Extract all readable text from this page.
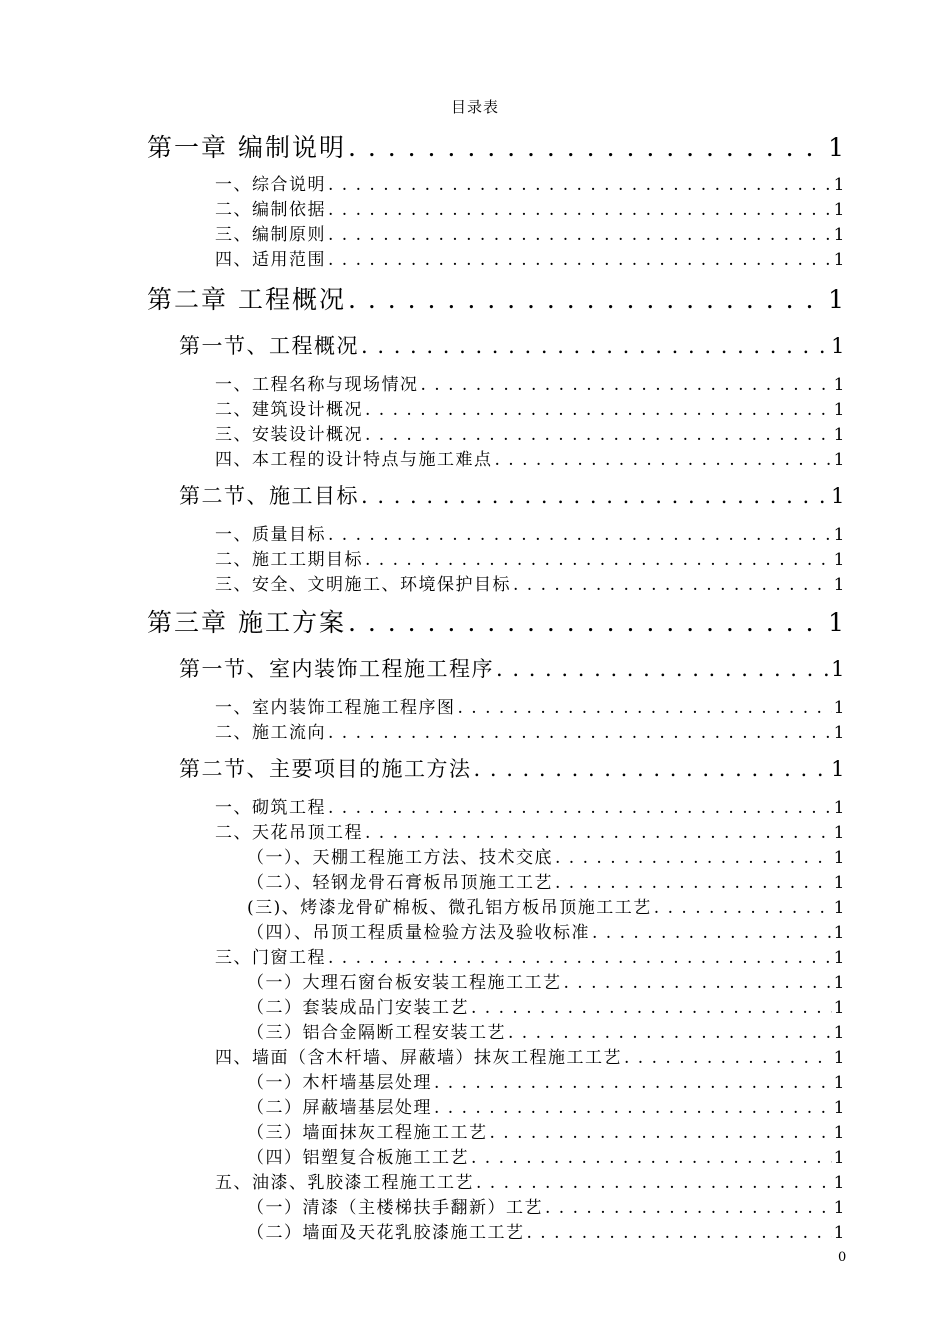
目录表
第一章 编制说明 . . .	1
一、综合说明 . . .	1
二、编制依据 . . .	1
三、编制原则 . . .	1
四、适用范围 . . .	1
第二章 工程概况 . . .	1
第一节、工程概况 . . .	1
一、工程名称与现场情况 . . .	1
二、建筑设计概况 . . .	1
三、安装设计概况 . . .	1
四、本工程的设计特点与施工难点 . . .	1
第二节、施工目标 . . .	1
一、质量目标 . . .	1
二、施工工期目标 . . .	1
三、安全、文明施工、环境保护目标 . . .	1
第三章 施工方案 . . .	1
第一节、室内装饰工程施工程序 . . .	1
一、室内装饰工程施工程序图 . . .	1
二、施工流向 . . .	1
第二节、主要项目的施工方法 . . .	1
一、砌筑工程 . . .	1
二、天花吊顶工程 . . .	1
（一）、天棚工程施工方法、技术交底 . . .	1
（二）、轻钢龙骨石膏板吊顶施工工艺 . . .	1
(三)、烤漆龙骨矿棉板、微孔铝方板吊顶施工工艺 . . .	1
（四）、吊顶工程质量检验方法及验收标准 . . .	1
三、门窗工程 . . .	1
（一）大理石窗台板安装工程施工工艺 . . .	1
（二）套装成品门安装工艺 . . .	1
（三）铝合金隔断工程安装工艺 . . .	1
四、墙面（含木杆墙、屏蔽墙）抹灰工程施工工艺 . . .	1
（一）木杆墙基层处理 . . .	1
（二）屏蔽墙基层处理 . . .	1
（三）墙面抹灰工程施工工艺 . . .	1
（四）铝塑复合板施工工艺 . . .	1
五、油漆、乳胶漆工程施工工艺 . . .	1
（一）清漆（主楼梯扶手翻新）工艺 . . .	1
（二）墙面及天花乳胶漆施工工艺 . . .	1
0
